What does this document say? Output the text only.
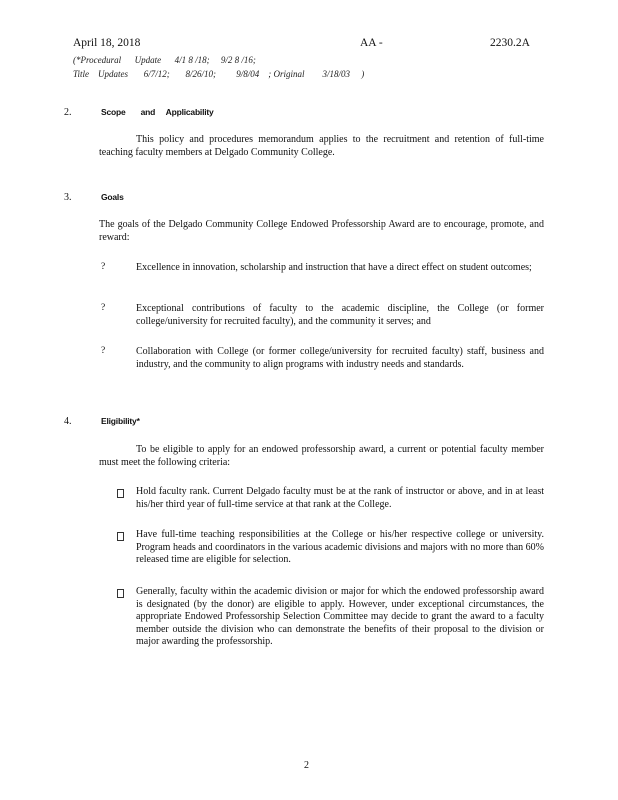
April 18, 2018	AA -	2230.2A
(*Procedural      Update      4/1 8 /18;     9/2 8 /16;
Title    Updates       6/7/12;       8/26/10;         9/8/04    ; Original        3/18/03     )
2.	Scope       and     Applicability
This policy and procedures memorandum applies to the recruitment and retention of full-time teaching faculty members at Delgado Community College.
3.	Goals
The goals of the Delgado Community College Endowed Professorship Award are to encourage, promote, and reward:
?	Excellence in innovation, scholarship and instruction that have a direct effect on student outcomes;
?	Exceptional contributions of faculty to the academic discipline, the College (or former college/university for recruited faculty), and the community it serves; and
?	Collaboration with College (or former college/university for recruited faculty) staff, business and industry, and the community to align programs with industry needs and standards.
4.	Eligibility*
To be eligible to apply for an endowed professorship award, a current or potential faculty member must meet the following criteria:
Hold faculty rank. Current Delgado faculty must be at the rank of instructor or above, and in at least his/her third year of full-time service at that rank at the College.
Have full-time teaching responsibilities at the College or his/her respective college or university. Program heads and coordinators in the various academic divisions and majors with no more than 60% released time are eligible for selection.
Generally, faculty within the academic division or major for which the endowed professorship award is designated (by the donor) are eligible to apply. However, under exceptional circumstances, the appropriate Endowed Professorship Selection Committee may decide to grant the award to a faculty member outside the division who can demonstrate the benefits of their proposal to the division or major awarding the professorship.
2
